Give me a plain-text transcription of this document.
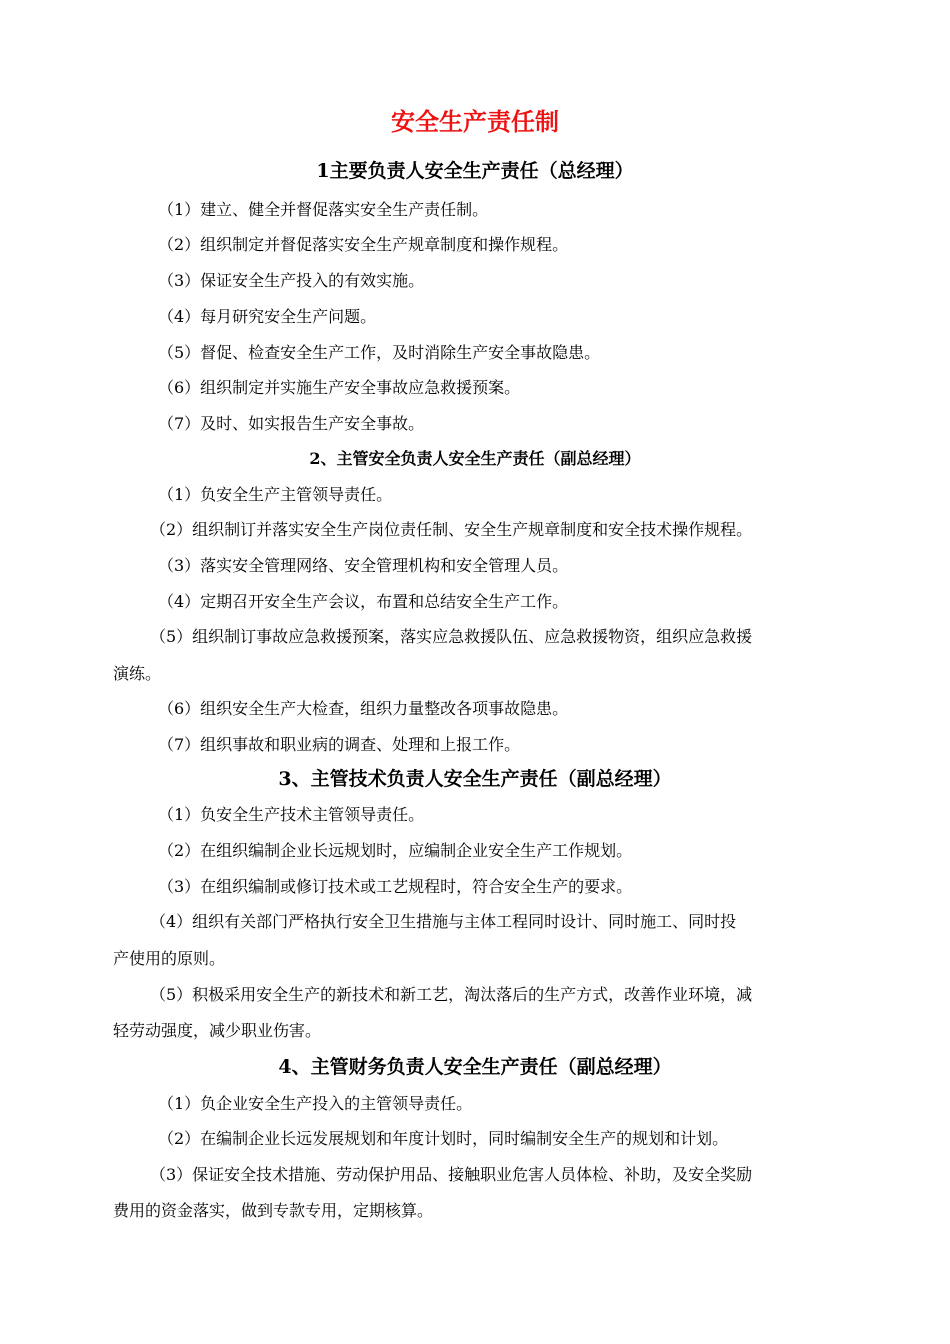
安全生产责任制
1主要负责人安全生产责任（总经理）
（1）建立、健全并督促落实安全生产责任制。
（2）组织制定并督促落实安全生产规章制度和操作规程。
（3）保证安全生产投入的有效实施。
（4）每月研究安全生产问题。
（5）督促、检查安全生产工作，及时消除生产安全事故隐患。
（6）组织制定并实施生产安全事故应急救援预案。
（7）及时、如实报告生产安全事故。
2、主管安全负责人安全生产责任（副总经理）
（1）负安全生产主管领导责任。
（2）组织制订并落实安全生产岗位责任制、安全生产规章制度和安全技术操作规程。
（3）落实安全管理网络、安全管理机构和安全管理人员。
（4）定期召开安全生产会议，布置和总结安全生产工作。
（5）组织制订事故应急救援预案，落实应急救援队伍、应急救援物资，组织应急救援
演练。
（6）组织安全生产大检查，组织力量整改各项事故隐患。
（7）组织事故和职业病的调查、处理和上报工作。
3、主管技术负责人安全生产责任（副总经理）
（1）负安全生产技术主管领导责任。
（2）在组织编制企业长远规划时，应编制企业安全生产工作规划。
（3）在组织编制或修订技术或工艺规程时，符合安全生产的要求。
（4）组织有关部门严格执行安全卫生措施与主体工程同时设计、同时施工、同时投
产使用的原则。
（5）积极采用安全生产的新技术和新工艺，淘汰落后的生产方式，改善作业环境，减
轻劳动强度，减少职业伤害。
4、主管财务负责人安全生产责任（副总经理）
（1）负企业安全生产投入的主管领导责任。
（2）在编制企业长远发展规划和年度计划时，同时编制安全生产的规划和计划。
（3）保证安全技术措施、劳动保护用品、接触职业危害人员体检、补助，及安全奖励
费用的资金落实，做到专款专用，定期核算。
